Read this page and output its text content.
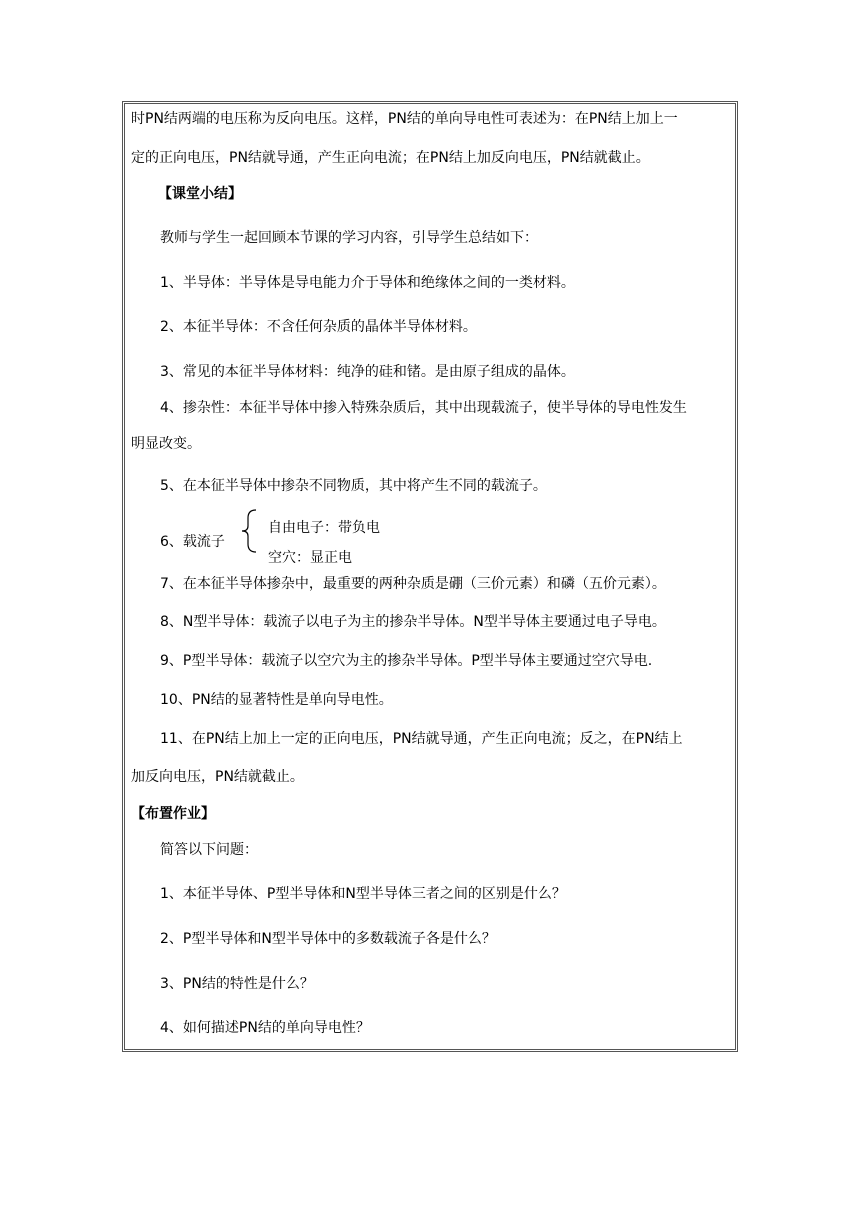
时PN结两端的电压称为反向电压。这样，PN结的单向导电性可表述为：在PN结上加上一
定的正向电压，PN结就导通，产生正向电流；在PN结上加反向电压，PN结就截止。
【课堂小结】
教师与学生一起回顾本节课的学习内容，引导学生总结如下：
1、半导体：半导体是导电能力介于导体和绝缘体之间的一类材料。
2、本征半导体：不含任何杂质的晶体半导体材料。
3、常见的本征半导体材料：纯净的硅和锗。是由原子组成的晶体。
4、掺杂性：本征半导体中掺入特殊杂质后，其中出现载流子，使半导体的导电性发生
明显改变。
5、在本征半导体中掺杂不同物质，其中将产生不同的载流子。
6、载流子
自由电子：带负电
空穴：显正电
7、在本征半导体掺杂中，最重要的两种杂质是硼（三价元素）和磷（五价元素）。
8、N型半导体：载流子以电子为主的掺杂半导体。N型半导体主要通过电子导电。
9、P型半导体：载流子以空穴为主的掺杂半导体。P型半导体主要通过空穴导电.
10、PN结的显著特性是单向导电性。
11、在PN结上加上一定的正向电压，PN结就导通，产生正向电流；反之，在PN结上
加反向电压，PN结就截止。
【布置作业】
简答以下问题：
1、本征半导体、P型半导体和N型半导体三者之间的区别是什么？
2、P型半导体和N型半导体中的多数载流子各是什么？
3、PN结的特性是什么？
4、如何描述PN结的单向导电性？
